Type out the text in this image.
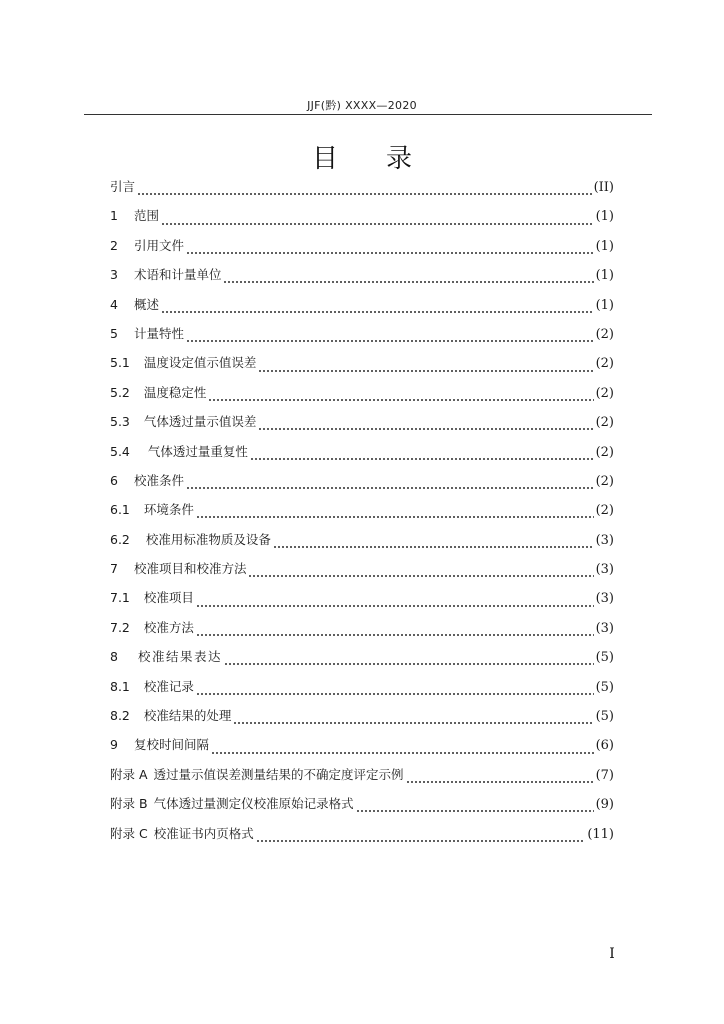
JJF(黔) XXXX—2020
目录
引言	(II)
1 范围	(1)
2 引用文件	(1)
3 术语和计量单位	(1)
4 概述	(1)
5 计量特性	(2)
5.1 温度设定值示值误差	(2)
5.2 温度稳定性	(2)
5.3 气体透过量示值误差	(2)
5.4 气体透过量重复性	(2)
6 校准条件	(2)
6.1 环境条件	(2)
6.2 校准用标准物质及设备	(3)
7 校准项目和校准方法	(3)
7.1 校准项目	(3)
7.2 校准方法	(3)
8 校准结果表达	(5)
8.1 校准记录	(5)
8.2 校准结果的处理	(5)
9 复校时间间隔	(6)
附录 A 透过量示值误差测量结果的不确定度评定示例	(7)
附录 B 气体透过量测定仪校准原始记录格式	(9)
附录 C 校准证书内页格式	(11)
I
